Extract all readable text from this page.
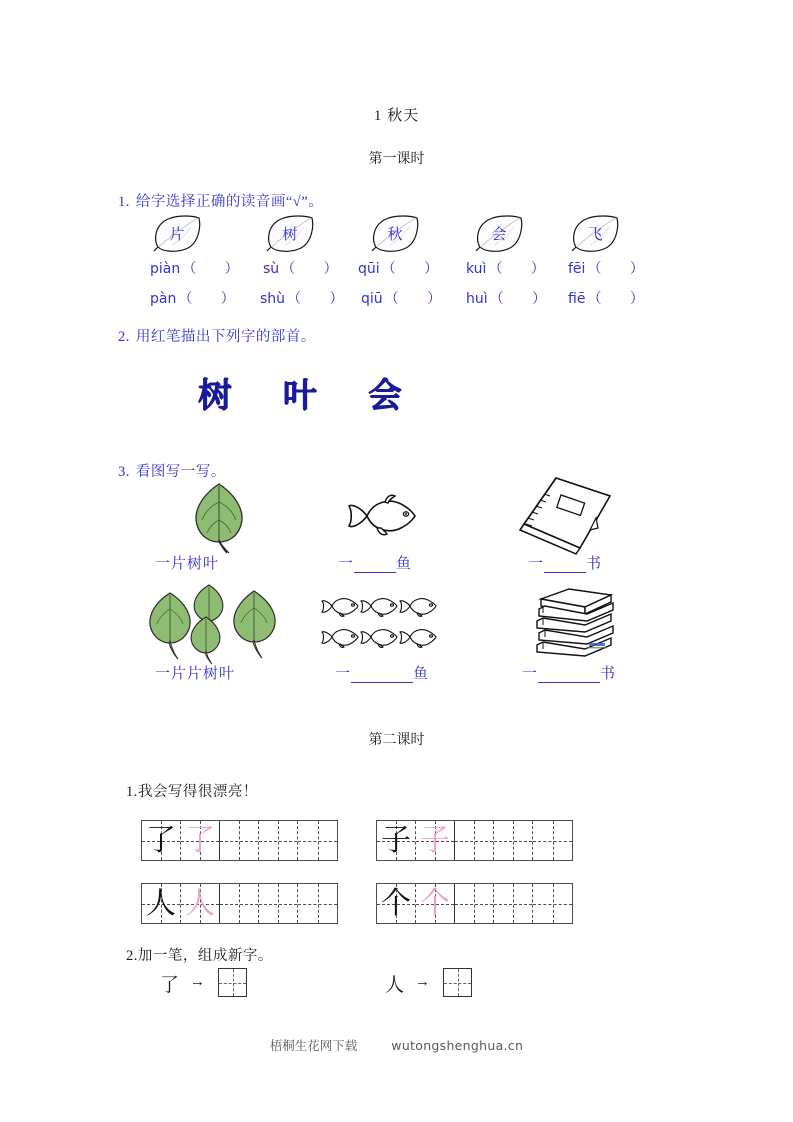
1 秋天
第一课时
1. 给字选择正确的读音画“√”。
片	树	秋	会	飞
piàn （ ） sù （ ） qūi （ ） kuì （ ） fēi （ ）
pàn （ ） shù （ ） qiū （ ） huì （ ） fiē （ ）
2. 用红笔描出下列字的部首。
树 叶 会
3. 看图写一写。
一片树叶	一	鱼	一	书
一片片树叶	一	鱼	一	书
第二课时
1.我会写得很漂亮！
了 了	子 子
人 人	个 个
2.加一笔，组成新字。
了 →	人 →
梧桐生花网下载	wutongshenghua.cn
